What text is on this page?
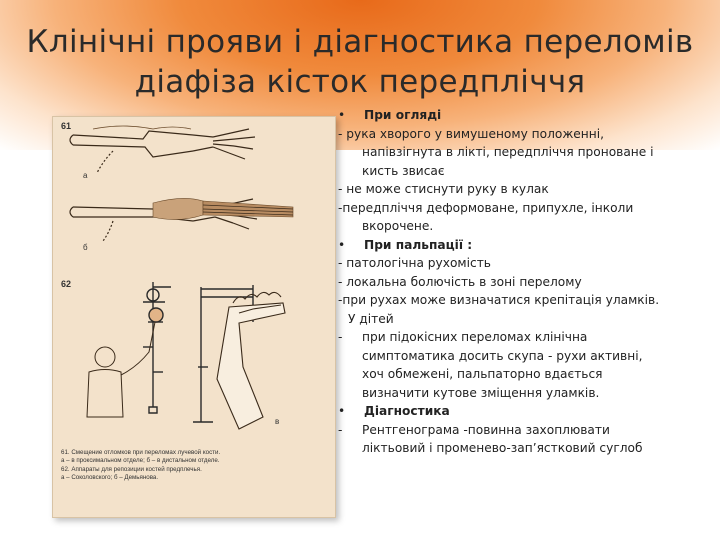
Клінічні прояви і діагностика переломів
діафіза кісток передпліччя
61
a
б
62
в
61. Смещение отломков при переломах лучевой кости.
а – в проксимальном отделе; б – в дистальном отделе.
62. Аппараты для репозиции костей предплечья.
а – Соколовского; б – Демьянова.
• При огляді
- рука хворого у вимушеному положенні,
напівзігнута в лікті, передпліччя пронoване і
кисть звисає
- не може стиснути руку в кулак
-передпліччя деформоване, припухле, інколи
вкорочене.
• При пальпації :
- патологічна рухомість
- локальна болючість в зоні перелому
-при рухах може визначатися крепітація уламків.
У дітей
- при підокісних переломах клінічна
симптоматика досить скупа - рухи активні,
хоч обмежені, пальпаторно вдається
визначити кутове зміщення уламків.
• Діагностика
- Рентгенограма -повинна захоплювати
ліктьовий і променево-зап’ястковий суглоб
